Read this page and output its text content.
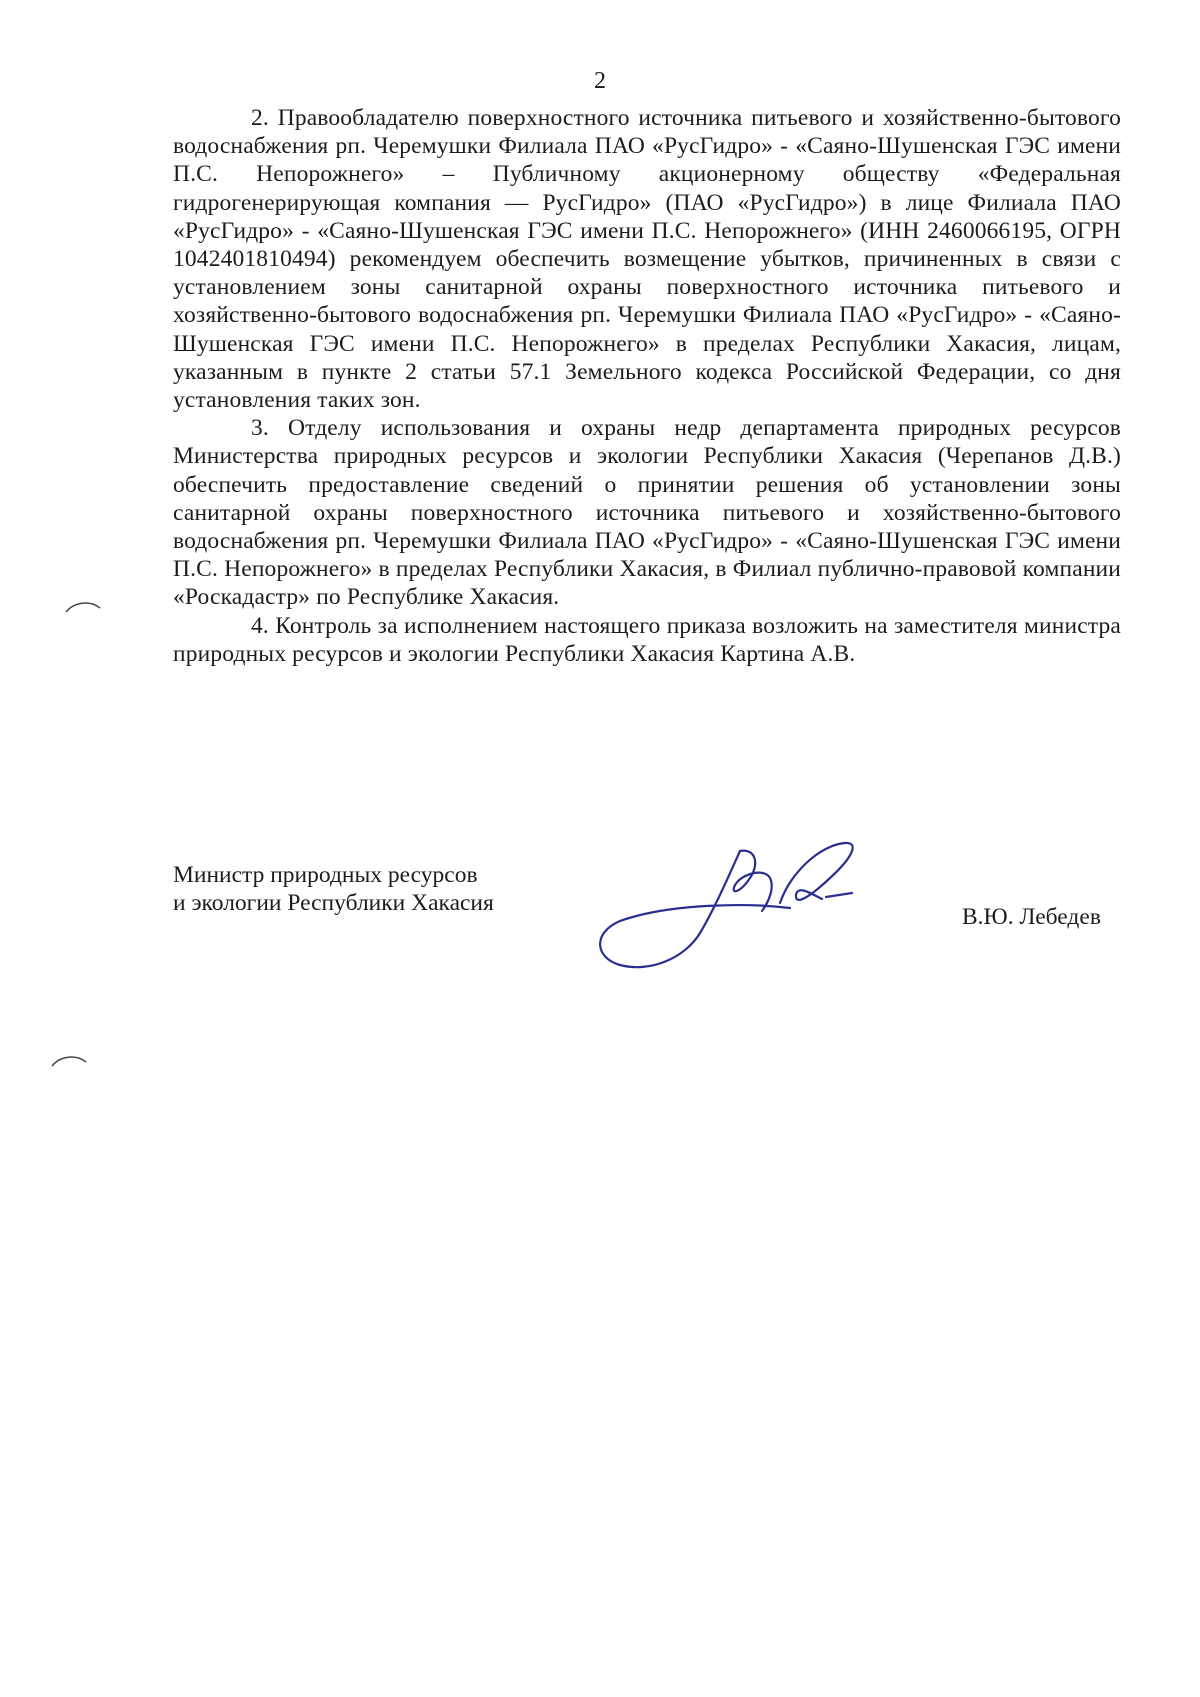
2

2. Правообладателю поверхностного источника питьевого и хозяйственно-бытового водоснабжения рп. Черемушки Филиала ПАО «РусГидро» - «Саяно-Шушенская ГЭС имени П.С. Непорожнего» – Публичному акционерному обществу «Федеральная гидрогенерирующая компания — РусГидро» (ПАО «РусГидро») в лице Филиала ПАО «РусГидро» - «Саяно-Шушенская ГЭС имени П.С. Непорожнего» (ИНН 2460066195, ОГРН 1042401810494) рекомендуем обеспечить возмещение убытков, причиненных в связи с установлением зоны санитарной охраны поверхностного источника питьевого и хозяйственно-бытового водоснабжения рп. Черемушки Филиала ПАО «РусГидро» - «Саяно-Шушенская ГЭС имени П.С. Непорожнего» в пределах Республики Хакасия, лицам, указанным в пункте 2 статьи 57.1 Земельного кодекса Российской Федерации, со дня установления таких зон.

3. Отделу использования и охраны недр департамента природных ресурсов Министерства природных ресурсов и экологии Республики Хакасия (Черепанов Д.В.) обеспечить предоставление сведений о принятии решения об установлении зоны санитарной охраны поверхностного источника питьевого и хозяйственно-бытового водоснабжения рп. Черемушки Филиала ПАО «РусГидро» - «Саяно-Шушенская ГЭС имени П.С. Непорожнего» в пределах Республики Хакасия, в Филиал публично-правовой компании «Роскадастр» по Республике Хакасия.

4. Контроль за исполнением настоящего приказа возложить на заместителя министра природных ресурсов и экологии Республики Хакасия Картина А.В.

Министр природных ресурсов
и экологии Республики Хакасия
В.Ю. Лебедев
